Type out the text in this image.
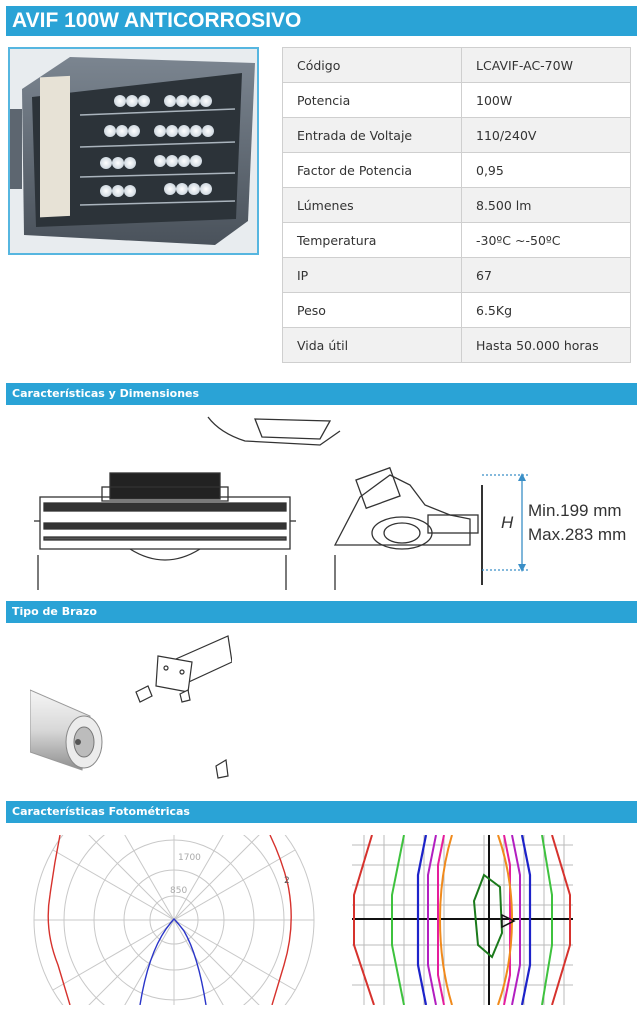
AVIF 100W ANTICORROSIVO
Código	LCAVIF-AC-70W
Potencia	100W
Entrada de Voltaje	110/240V
Factor de Potencia	0,95
Lúmenes	8.500 lm
Temperatura	-30ºC ~-50ºC
IP	67
Peso	6.5Kg
Vida útil	Hasta 50.000 horas
Características y Dimensiones
H
Min.199 mm
Max.283 mm
Tipo de Brazo
Características Fotométricas
1700
850
2
